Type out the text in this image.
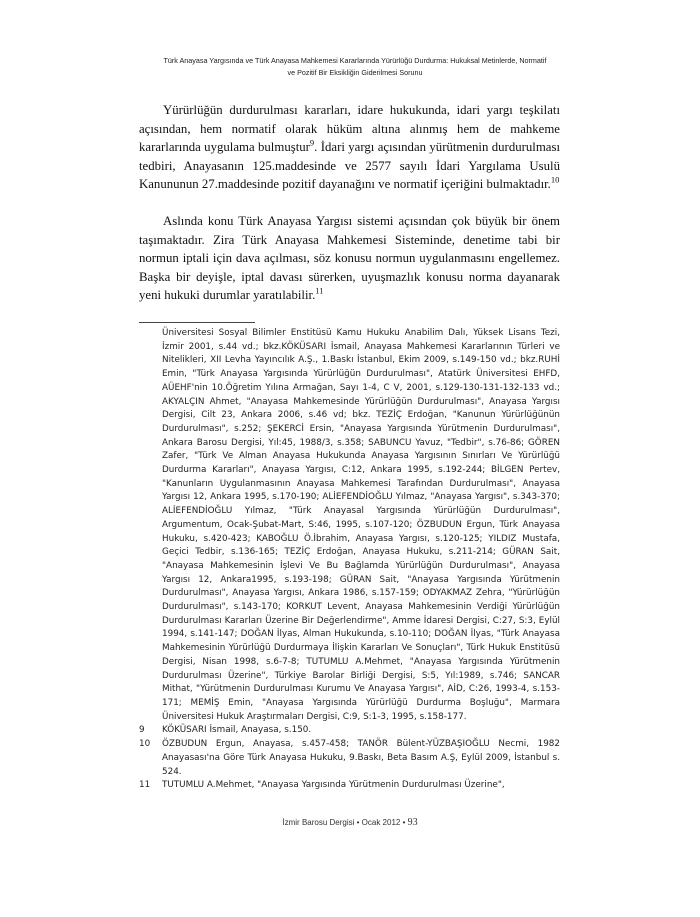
Türk Anayasa Yargısında ve Türk Anayasa Mahkemesi Kararlarında Yürürlüğü Durdurma: Hukuksal Metinlerde, Normatif
ve Pozitif Bir Eksikliğin Giderilmesi Sorunu

Yürürlüğün durdurulması kararları, idare hukukunda, idari yargı teşkilatı açısından, hem normatif olarak hüküm altına alınmış hem de mahkeme kararlarında uygulama bulmuştur$^9$. İdari yargı açısından yürütmenin durdurulması tedbiri, Anayasanın 125.maddesinde ve 2577 sayılı İdari Yargılama Usulü Kanununun 27.maddesinde pozitif dayanağını ve normatif içeriğini bulmaktadır.$^{10}$

Aslında konu Türk Anayasa Yargısı sistemi açısından çok büyük bir önem taşımaktadır. Zira Türk Anayasa Mahkemesi Sisteminde, denetime tabi bir normun iptali için dava açılması, söz konusu normun uygulanmasını engellemez. Başka bir deyişle, iptal davası sürerken, uyuşmazlık konusu norma dayanarak yeni hukuki durumlar yaratılabilir.$^{11}$

Üniversitesi Sosyal Bilimler Enstitüsü Kamu Hukuku Anabilim Dalı, Yüksek Lisans Tezi, İzmir 2001, s.44 vd.; bkz.KÖKÜSARI İsmail, Anayasa Mahkemesi Kararlarının Türleri ve Nitelikleri, XII Levha Yayıncılık A.Ş., 1.Baskı İstanbul, Ekim 2009, s.149-150 vd.; bkz.RUHİ Emin, "Türk Anayasa Yargısında Yürürlüğün Durdurulması", Atatürk Üniversitesi EHFD, AÜEHF'nin 10.Öğretim Yılına Armağan, Sayı 1-4, C V, 2001, s.129-130-131-132-133 vd.; AKYALÇIN Ahmet, "Anayasa Mahkemesinde Yürürlüğün Durdurulması", Anayasa Yargısı Dergisi, Cilt 23, Ankara 2006, s.46 vd; bkz. TEZİÇ Erdoğan, "Kanunun Yürürlüğünün Durdurulması", s.252; ŞEKERCİ Ersin, "Anayasa Yargısında Yürütmenin Durdurulması", Ankara Barosu Dergisi, Yıl:45, 1988/3, s.358; SABUNCU Yavuz, "Tedbir", s.76-86; GÖREN Zafer, "Türk Ve Alman Anayasa Hukukunda Anayasa Yargısının Sınırları Ve Yürürlüğü Durdurma Kararları", Anayasa Yargısı, C:12, Ankara 1995, s.192-244; BİLGEN Pertev, "Kanunların Uygulanmasının Anayasa Mahkemesi Tarafından Durdurulması", Anayasa Yargısı 12, Ankara 1995, s.170-190; ALİEFENDİOĞLU Yılmaz, "Anayasa Yargısı", s.343-370; ALİEFENDİOĞLU Yılmaz, "Türk Anayasal Yargısında Yürürlüğün Durdurulması", Argumentum, Ocak-Şubat-Mart, S:46, 1995, s.107-120; ÖZBUDUN Ergun, Türk Anayasa Hukuku, s.420-423; KABOĞLU Ö.İbrahim, Anayasa Yargısı, s.120-125; YILDIZ Mustafa, Geçici Tedbir, s.136-165; TEZİÇ Erdoğan, Anayasa Hukuku, s.211-214; GÜRAN Sait, "Anayasa Mahkemesinin İşlevi Ve Bu Bağlamda Yürürlüğün Durdurulması", Anayasa Yargısı 12, Ankara1995, s.193-198; GÜRAN Sait, "Anayasa Yargısında Yürütmenin Durdurulması", Anayasa Yargısı, Ankara 1986, s.157-159; ODYAKMAZ Zehra, "Yürürlüğün Durdurulması", s.143-170; KORKUT Levent, Anayasa Mahkemesinin Verdiği Yürürlüğün Durdurulması Kararları Üzerine Bir Değerlendirme", Amme İdaresi Dergisi, C:27, S:3, Eylül 1994, s.141-147; DOĞAN İlyas, Alman Hukukunda, s.10-110; DOĞAN İlyas, "Türk Anayasa Mahkemesinin Yürürlüğü Durdurmaya İlişkin Kararları Ve Sonuçları", Türk Hukuk Enstitüsü Dergisi, Nisan 1998, s.6-7-8; TUTUMLU A.Mehmet, "Anayasa Yargısında Yürütmenin Durdurulması Üzerine", Türkiye Barolar Birliği Dergisi, S:5, Yıl:1989, s.746; SANCAR Mithat, "Yürütmenin Durdurulması Kurumu Ve Anayasa Yargısı", AİD, C:26, 1993-4, s.153-171; MEMİŞ Emin, "Anayasa Yargısında Yürürlüğü Durdurma Boşluğu", Marmara Üniversitesi Hukuk Araştırmaları Dergisi, C:9, S:1-3, 1995, s.158-177.

9	KÖKÜSARI İsmail, Anayasa, s.150.
10	ÖZBUDUN Ergun, Anayasa, s.457-458; TANÖR Bülent-YÜZBAŞIOĞLU Necmi, 1982 Anayasası'na Göre Türk Anayasa Hukuku, 9.Baskı, Beta Basım A.Ş, Eylül 2009, İstanbul s. 524.
11	TUTUMLU A.Mehmet, "Anayasa Yargısında Yürütmenin Durdurulması Üzerine",
İzmir Barosu Dergisi • Ocak 2012 • 93
